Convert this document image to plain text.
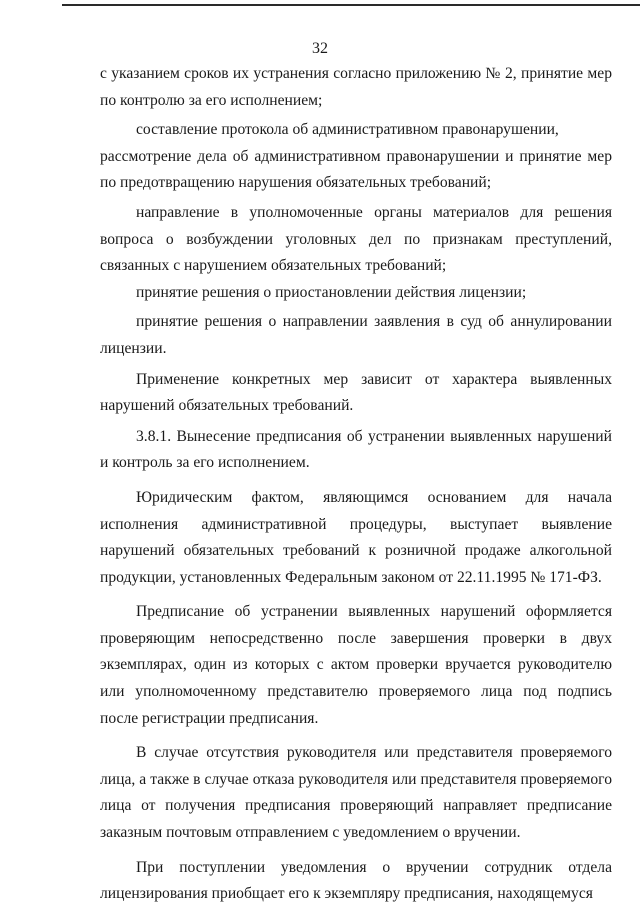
32

с указанием сроков их устранения согласно приложению № 2, принятие мер по контролю за его исполнением;

составление протокола об административном правонарушении,

рассмотрение дела об административном правонарушении и принятие мер по предотвращению нарушения обязательных требований;

направление в уполномоченные органы материалов для решения вопроса о возбуждении уголовных дел по признакам преступлений, связанных с нарушением обязательных требований;

принятие решения о приостановлении действия лицензии;

принятие решения о направлении заявления в суд об аннулировании лицензии.

Применение конкретных мер зависит от характера выявленных нарушений обязательных требований.

3.8.1. Вынесение предписания об устранении выявленных нарушений и контроль за его исполнением.

Юридическим фактом, являющимся основанием для начала исполнения административной процедуры, выступает выявление нарушений обязательных требований к розничной продаже алкогольной продукции, установленных Федеральным законом от 22.11.1995 № 171-ФЗ.

Предписание об устранении выявленных нарушений оформляется проверяющим непосредственно после завершения проверки в двух экземплярах, один из которых с актом проверки вручается руководителю или уполномоченному представителю проверяемого лица под подпись после регистрации предписания.

В случае отсутствия руководителя или представителя проверяемого лица, а также в случае отказа руководителя или представителя проверяемого лица от получения предписания проверяющий направляет предписание заказным почтовым отправлением с уведомлением о вручении.

При поступлении уведомления о вручении сотрудник отдела лицензирования приобщает его к экземпляру предписания, находящемуся
